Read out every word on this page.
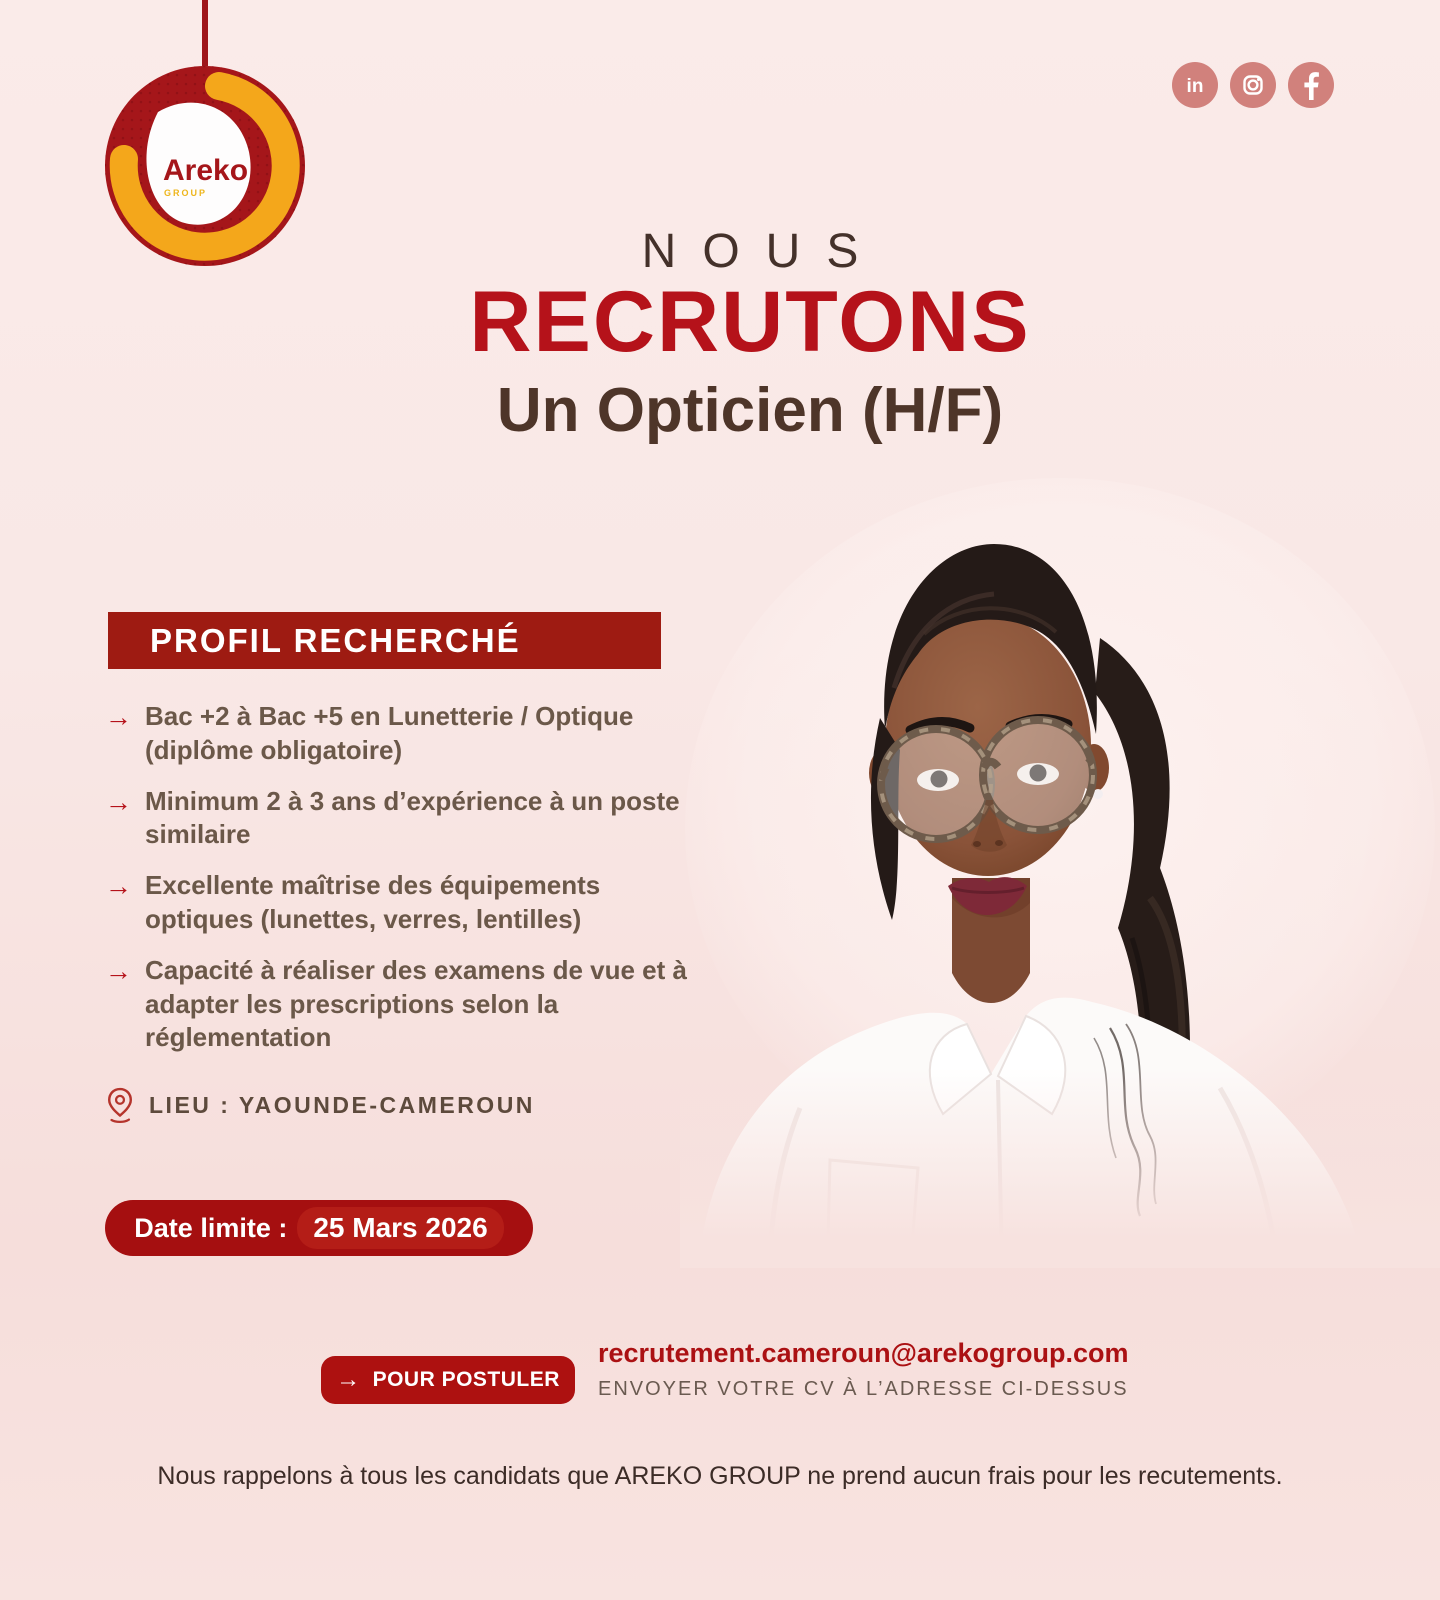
Areko
GROUP
in
NOUS
RECRUTONS
Un Opticien (H/F)
PROFIL RECHERCHÉ
→ Bac +2 à Bac +5 en Lunetterie / Optique (diplôme obligatoire)
→ Minimum 2 à 3 ans d’expérience à un poste similaire
→ Excellente maîtrise des équipements optiques (lunettes, verres, lentilles)
→ Capacité à réaliser des examens de vue et à adapter les prescriptions selon la réglementation
LIEU : YAOUNDE-CAMEROUN
Date limite : 25 Mars 2026
→ POUR POSTULER
recrutement.cameroun@arekogroup.com
ENVOYER VOTRE CV À L’ADRESSE CI-DESSUS
Nous rappelons à tous les candidats que AREKO GROUP ne prend aucun frais pour les recutements.
